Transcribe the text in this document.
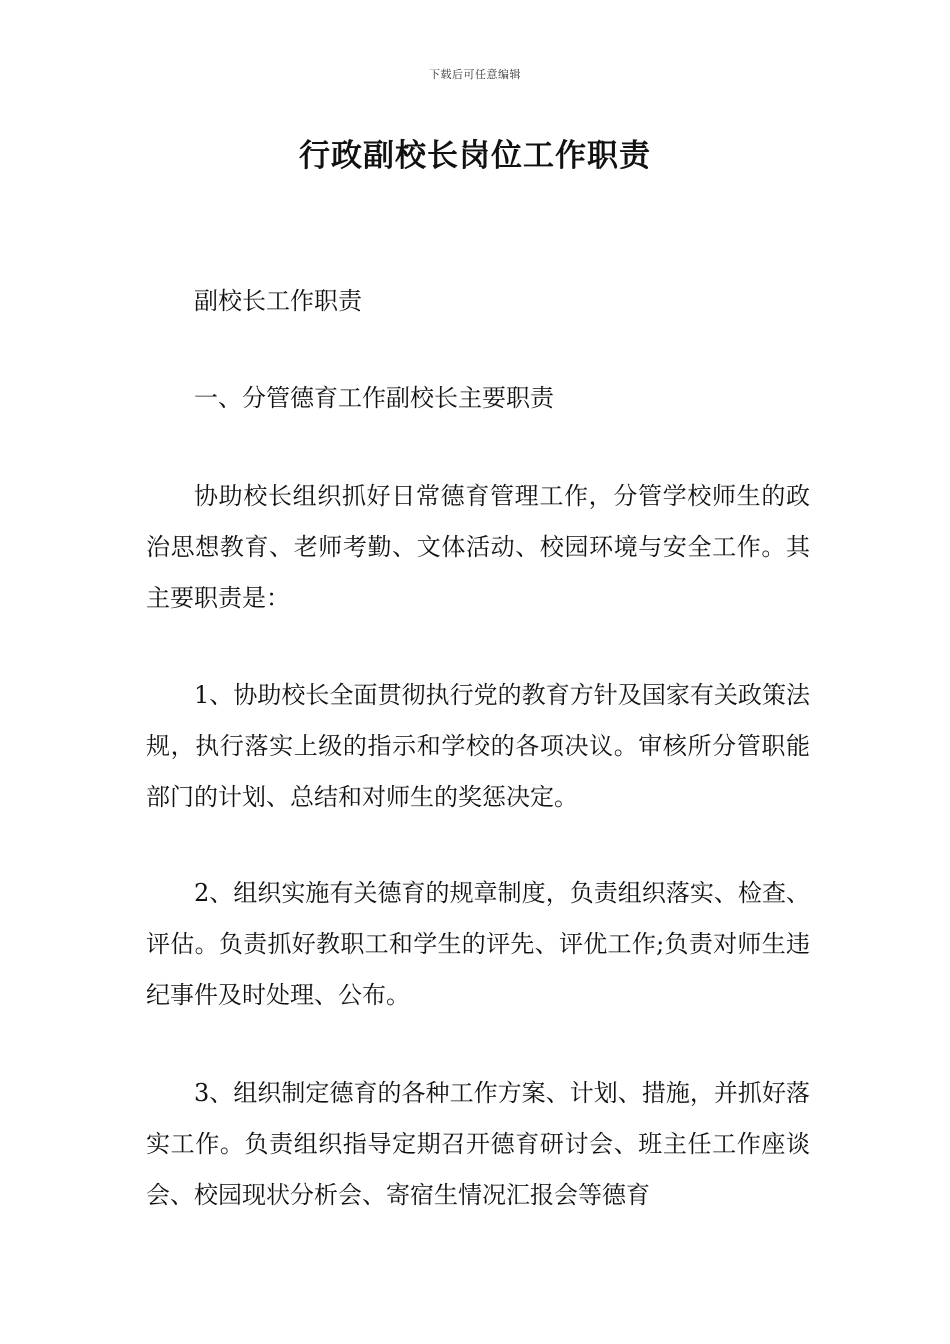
下载后可任意编辑
行政副校长岗位工作职责

副校长工作职责

一、分管德育工作副校长主要职责

协助校长组织抓好日常德育管理工作，分管学校师生的政治思想教育、老师考勤、文体活动、校园环境与安全工作。其主要职责是：

1、协助校长全面贯彻执行党的教育方针及国家有关政策法规，执行落实上级的指示和学校的各项决议。审核所分管职能部门的计划、总结和对师生的奖惩决定。

2、组织实施有关德育的规章制度，负责组织落实、检查、评估。负责抓好教职工和学生的评先、评优工作;负责对师生违纪事件及时处理、公布。

3、组织制定德育的各种工作方案、计划、措施，并抓好落实工作。负责组织指导定期召开德育研讨会、班主任工作座谈会、校园现状分析会、寄宿生情况汇报会等德育
